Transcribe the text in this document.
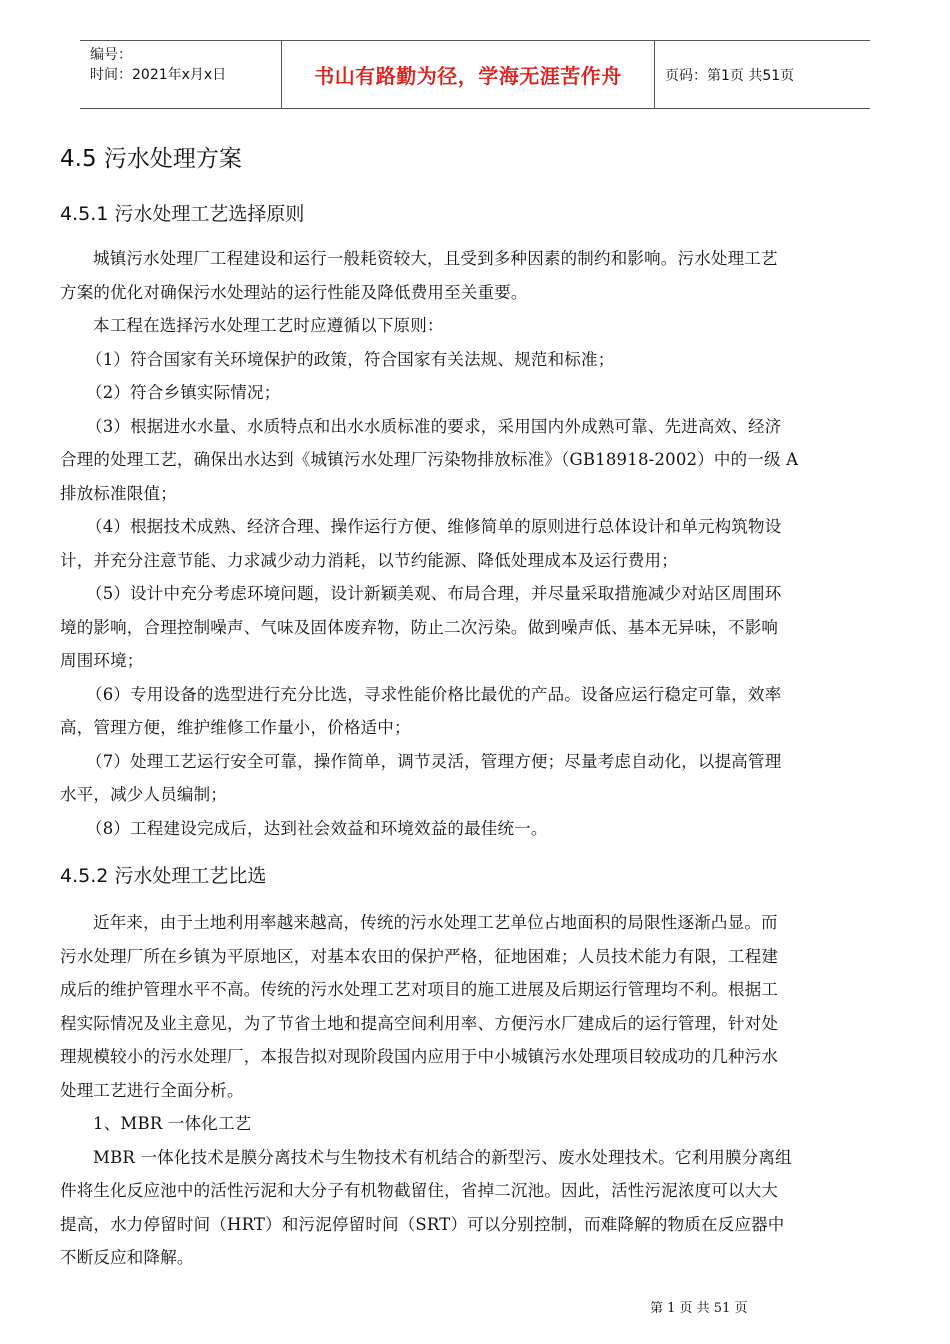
编号：
时间：2021年x月x日	书山有路勤为径，学海无涯苦作舟	页码：第1页 共51页
4.5 污水处理方案
4.5.1 污水处理工艺选择原则
城镇污水处理厂工程建设和运行一般耗资较大，且受到多种因素的制约和影响。污水处理工艺
方案的优化对确保污水处理站的运行性能及降低费用至关重要。
本工程在选择污水处理工艺时应遵循以下原则：
（1）符合国家有关环境保护的政策，符合国家有关法规、规范和标准；
（2）符合乡镇实际情况；
（3）根据进水水量、水质特点和出水水质标准的要求，采用国内外成熟可靠、先进高效、经济
合理的处理工艺，确保出水达到《城镇污水处理厂污染物排放标准》（GB18918-2002）中的一级 A
排放标准限值；
（4）根据技术成熟、经济合理、操作运行方便、维修简单的原则进行总体设计和单元构筑物设
计，并充分注意节能、力求减少动力消耗，以节约能源、降低处理成本及运行费用；
（5）设计中充分考虑环境问题，设计新颖美观、布局合理，并尽量采取措施减少对站区周围环
境的影响，合理控制噪声、气味及固体废弃物，防止二次污染。做到噪声低、基本无异味，不影响
周围环境；
（6）专用设备的选型进行充分比选，寻求性能价格比最优的产品。设备应运行稳定可靠，效率
高，管理方便，维护维修工作量小，价格适中；
（7）处理工艺运行安全可靠，操作简单，调节灵活，管理方便；尽量考虑自动化，以提高管理
水平，减少人员编制；
（8）工程建设完成后，达到社会效益和环境效益的最佳统一。
4.5.2 污水处理工艺比选
近年来，由于土地利用率越来越高，传统的污水处理工艺单位占地面积的局限性逐渐凸显。而
污水处理厂所在乡镇为平原地区，对基本农田的保护严格，征地困难；人员技术能力有限，工程建
成后的维护管理水平不高。传统的污水处理工艺对项目的施工进展及后期运行管理均不利。根据工
程实际情况及业主意见，为了节省土地和提高空间利用率、方便污水厂建成后的运行管理，针对处
理规模较小的污水处理厂，本报告拟对现阶段国内应用于中小城镇污水处理项目较成功的几种污水
处理工艺进行全面分析。
1、MBR 一体化工艺
MBR 一体化技术是膜分离技术与生物技术有机结合的新型污、废水处理技术。它利用膜分离组
件将生化反应池中的活性污泥和大分子有机物截留住，省掉二沉池。因此，活性污泥浓度可以大大
提高，水力停留时间（HRT）和污泥停留时间（SRT）可以分别控制，而难降解的物质在反应器中
不断反应和降解。
第 1 页 共 51 页
